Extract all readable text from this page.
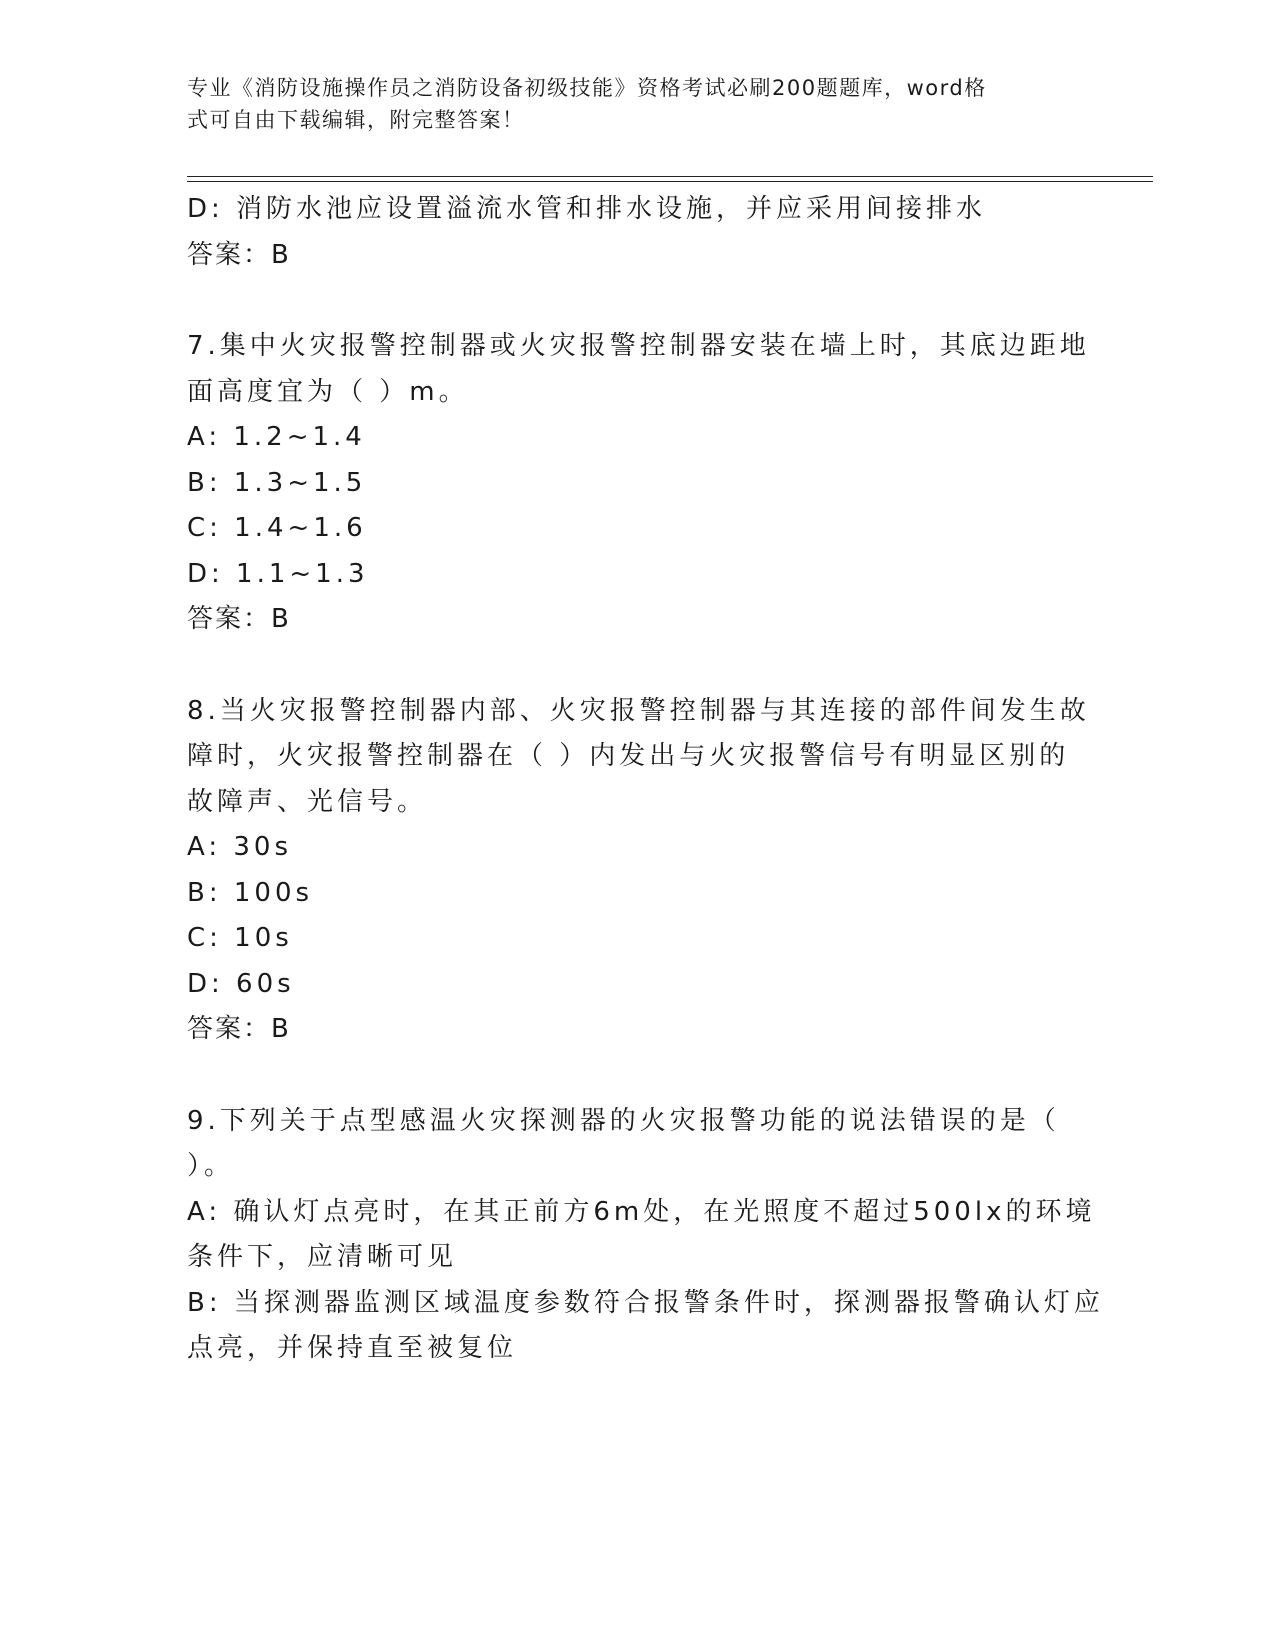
专业《消防设施操作员之消防设备初级技能》资格考试必刷200题题库，word格
式可自由下载编辑，附完整答案！
D: 消防水池应设置溢流水管和排水设施，并应采用间接排水
答案：B
7.集中火灾报警控制器或火灾报警控制器安装在墙上时，其底边距地
面高度宜为（ ）m。
A: 1.2~1.4
B: 1.3~1.5
C: 1.4~1.6
D: 1.1~1.3
答案：B
8.当火灾报警控制器内部、火灾报警控制器与其连接的部件间发生故
障时，火灾报警控制器在（ ）内发出与火灾报警信号有明显区别的
故障声、光信号。
A: 30s
B: 100s
C: 10s
D: 60s
答案：B
9.下列关于点型感温火灾探测器的火灾报警功能的说法错误的是（
）。
A: 确认灯点亮时，在其正前方6m处，在光照度不超过500lx的环境
条件下，应清晰可见
B: 当探测器监测区域温度参数符合报警条件时，探测器报警确认灯应
点亮，并保持直至被复位
